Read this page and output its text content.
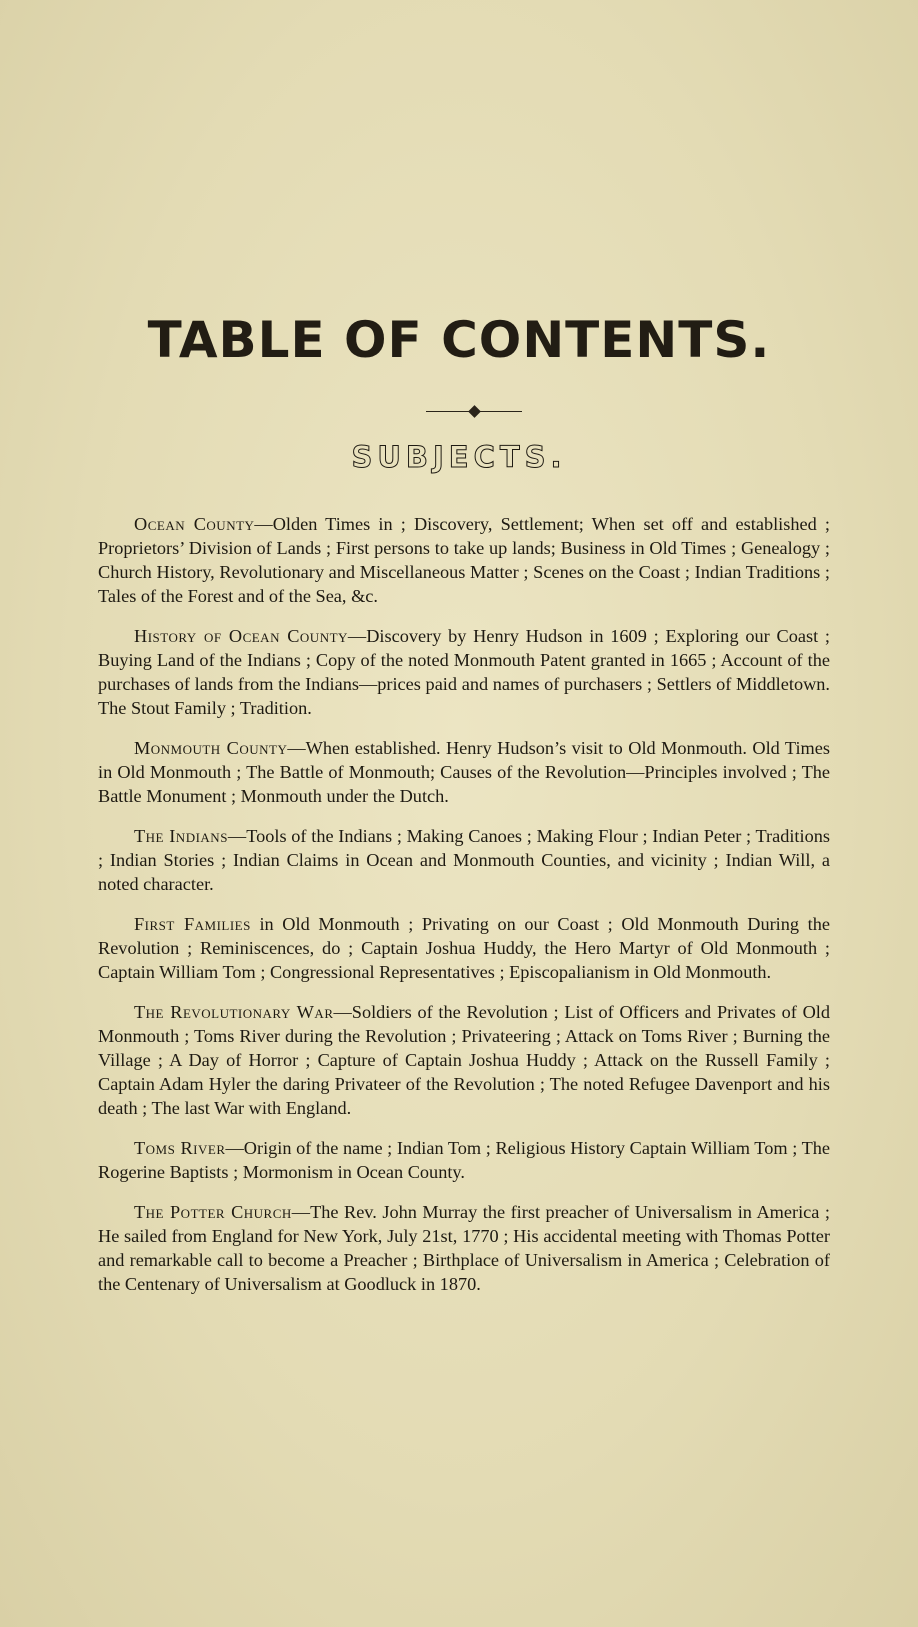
TABLE OF CONTENTS.
SUBJECTS.

Ocean County—Olden Times in ; Discovery, Settlement; When set off and established ; Proprietors’ Division of Lands ; First persons to take up lands; Business in Old Times ; Genealogy ; Church History, Revolutionary and Miscellaneous Matter ; Scenes on the Coast ; Indian Traditions ; Tales of the Forest and of the Sea, &c.

History of Ocean County—Discovery by Henry Hudson in 1609 ; Exploring our Coast ; Buying Land of the Indians ; Copy of the noted Monmouth Patent granted in 1665 ; Account of the purchases of lands from the Indians—prices paid and names of purchasers ; Settlers of Middletown. The Stout Family ; Tradition.

Monmouth County—When established. Henry Hudson’s visit to Old Monmouth. Old Times in Old Monmouth ; The Battle of Monmouth; Causes of the Revolution—Principles involved ; The Battle Monument ; Monmouth under the Dutch.

The Indians—Tools of the Indians ; Making Canoes ; Making Flour ; Indian Peter ; Traditions ; Indian Stories ; Indian Claims in Ocean and Monmouth Counties, and vicinity ; Indian Will, a noted character.

First Families in Old Monmouth ; Privating on our Coast ; Old Monmouth During the Revolution ; Reminiscences, do ; Captain Joshua Huddy, the Hero Martyr of Old Monmouth ; Captain William Tom ; Congressional Representatives ; Episcopalianism in Old Monmouth.

The Revolutionary War—Soldiers of the Revolution ; List of Officers and Privates of Old Monmouth ; Toms River during the Revolution ; Privateering ; Attack on Toms River ; Burning the Village ; A Day of Horror ; Capture of Captain Joshua Huddy ; Attack on the Russell Family ; Captain Adam Hyler the daring Privateer of the Revolution ; The noted Refugee Davenport and his death ; The last War with England.

Toms River—Origin of the name ; Indian Tom ; Religious History Captain William Tom ; The Rogerine Baptists ; Mormonism in Ocean County.

The Potter Church—The Rev. John Murray the first preacher of Universalism in America ; He sailed from England for New York, July 21st, 1770 ; His accidental meeting with Thomas Potter and remarkable call to become a Preacher ; Birthplace of Universalism in America ; Celebration of the Centenary of Universalism at Goodluck in 1870.
